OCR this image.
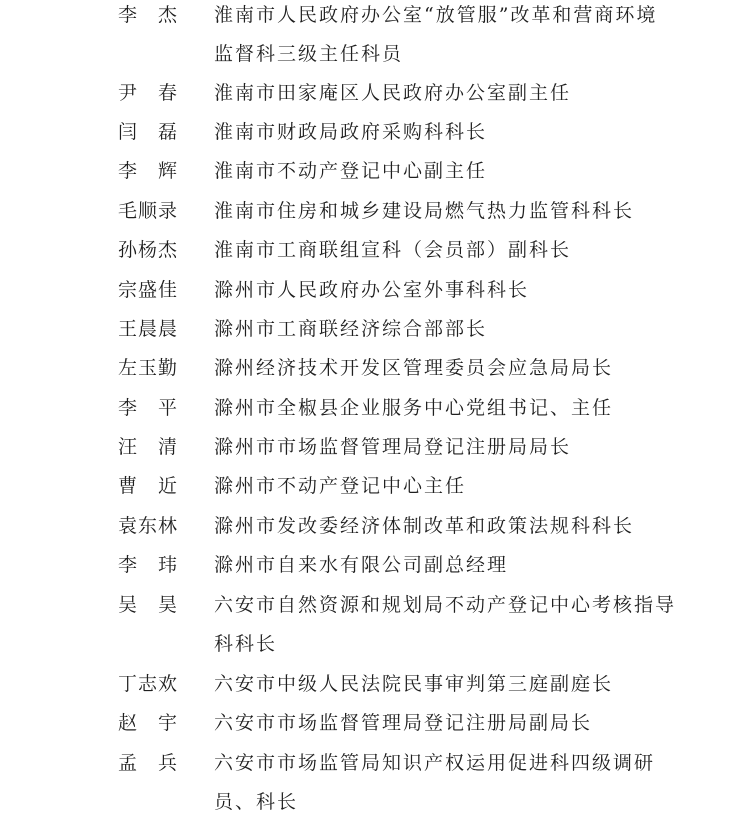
李　杰 淮南市人民政府办公室“放管服”改革和营商环境
监督科三级主任科员
尹　春 淮南市田家庵区人民政府办公室副主任
闫　磊 淮南市财政局政府采购科科长
李　辉 淮南市不动产登记中心副主任
毛顺录 淮南市住房和城乡建设局燃气热力监管科科长
孙杨杰 淮南市工商联组宣科（会员部）副科长
宗盛佳 滁州市人民政府办公室外事科科长
王晨晨 滁州市工商联经济综合部部长
左玉勤 滁州经济技术开发区管理委员会应急局局长
李　平 滁州市全椒县企业服务中心党组书记、主任
汪　清 滁州市市场监督管理局登记注册局局长
曹　近 滁州市不动产登记中心主任
袁东林 滁州市发改委经济体制改革和政策法规科科长
李　玮 滁州市自来水有限公司副总经理
吴　昊 六安市自然资源和规划局不动产登记中心考核指导
科科长
丁志欢 六安市中级人民法院民事审判第三庭副庭长
赵　宇 六安市市场监督管理局登记注册局副局长
孟　兵 六安市市场监管局知识产权运用促进科四级调研
员、科长
